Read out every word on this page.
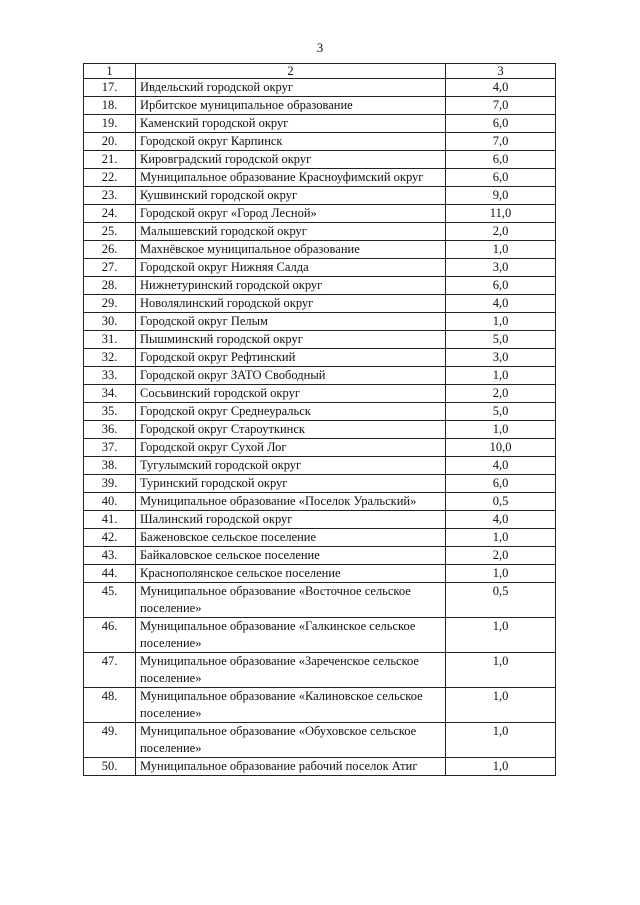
3
1	2	3
17.	Ивдельский городской округ	4,0
18.	Ирбитское муниципальное образование	7,0
19.	Каменский городской округ	6,0
20.	Городской округ Карпинск	7,0
21.	Кировградский городской округ	6,0
22.	Муниципальное образование Красноуфимский округ	6,0
23.	Кушвинский городской округ	9,0
24.	Городской округ «Город Лесной»	11,0
25.	Малышевский городской округ	2,0
26.	Махнёвское муниципальное образование	1,0
27.	Городской округ Нижняя Салда	3,0
28.	Нижнетуринский городской округ	6,0
29.	Новолялинский городской округ	4,0
30.	Городской округ Пелым	1,0
31.	Пышминский городской округ	5,0
32.	Городской округ Рефтинский	3,0
33.	Городской округ ЗАТО Свободный	1,0
34.	Сосьвинский городской округ	2,0
35.	Городской округ Среднеуральск	5,0
36.	Городской округ Староуткинск	1,0
37.	Городской округ Сухой Лог	10,0
38.	Тугулымский городской округ	4,0
39.	Туринский городской округ	6,0
40.	Муниципальное образование «Поселок Уральский»	0,5
41.	Шалинский городской округ	4,0
42.	Баженовское сельское поселение	1,0
43.	Байкаловское сельское поселение	2,0
44.	Краснополянское сельское поселение	1,0
45.	Муниципальное образование «Восточное сельское поселение»	0,5
46.	Муниципальное образование «Галкинское сельское поселение»	1,0
47.	Муниципальное образование «Зареченское сельское поселение»	1,0
48.	Муниципальное образование «Калиновское сельское поселение»	1,0
49.	Муниципальное образование «Обуховское сельское поселение»	1,0
50.	Муниципальное образование рабочий поселок Атиг	1,0
